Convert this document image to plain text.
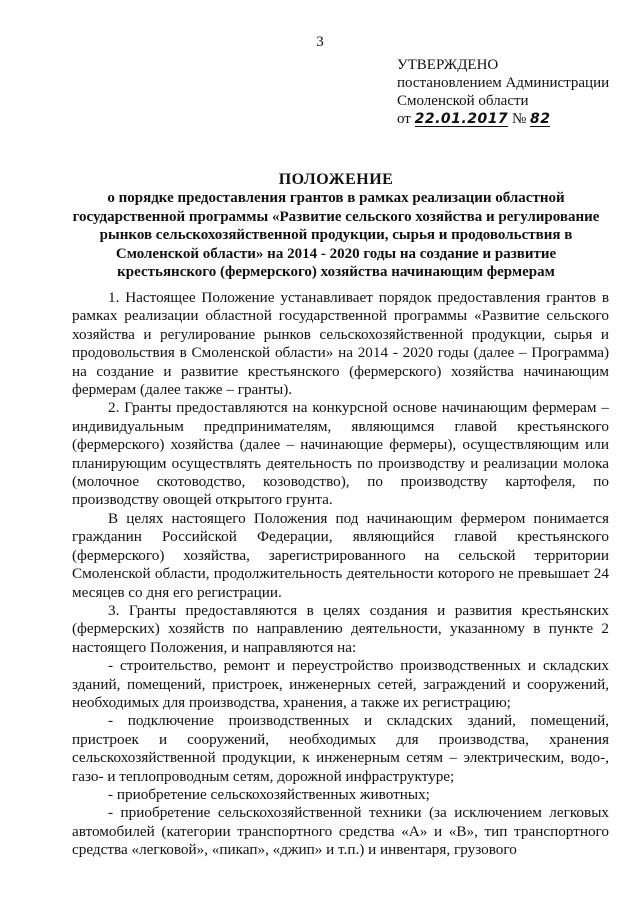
3
УТВЕРЖДЕНО
постановлением Администрации
Смоленской области
от 22.01.2017 № 82
ПОЛОЖЕНИЕ
о порядке предоставления грантов в рамках реализации областной государственной программы «Развитие сельского хозяйства и регулирование рынков сельскохозяйственной продукции, сырья и продовольствия в Смоленской области» на 2014 - 2020 годы на создание и развитие крестьянского (фермерского) хозяйства начинающим фермерам

1. Настоящее Положение устанавливает порядок предоставления грантов в рамках реализации областной государственной программы «Развитие сельского хозяйства и регулирование рынков сельскохозяйственной продукции, сырья и продовольствия в Смоленской области» на 2014 - 2020 годы (далее – Программа) на создание и развитие крестьянского (фермерского) хозяйства начинающим фермерам (далее также – гранты).

2. Гранты предоставляются на конкурсной основе начинающим фермерам – индивидуальным предпринимателям, являющимся главой крестьянского (фермерского) хозяйства (далее – начинающие фермеры), осуществляющим или планирующим осуществлять деятельность по производству и реализации молока (молочное скотоводство, козоводство), по производству картофеля, по производству овощей открытого грунта.

В целях настоящего Положения под начинающим фермером понимается гражданин Российской Федерации, являющийся главой крестьянского (фермерского) хозяйства, зарегистрированного на сельской территории Смоленской области, продолжительность деятельности которого не превышает 24 месяцев со дня его регистрации.

3. Гранты предоставляются в целях создания и развития крестьянских (фермерских) хозяйств по направлению деятельности, указанному в пункте 2 настоящего Положения, и направляются на:

- строительство, ремонт и переустройство производственных и складских зданий, помещений, пристроек, инженерных сетей, заграждений и сооружений, необходимых для производства, хранения, а также их регистрацию;

- подключение производственных и складских зданий, помещений, пристроек и сооружений, необходимых для производства, хранения сельскохозяйственной продукции, к инженерным сетям – электрическим, водо-, газо- и теплопроводным сетям, дорожной инфраструктуре;

- приобретение сельскохозяйственных животных;

- приобретение сельскохозяйственной техники (за исключением легковых автомобилей (категории транспортного средства «А» и «В», тип транспортного средства «легковой», «пикап», «джип» и т.п.) и инвентаря, грузового
